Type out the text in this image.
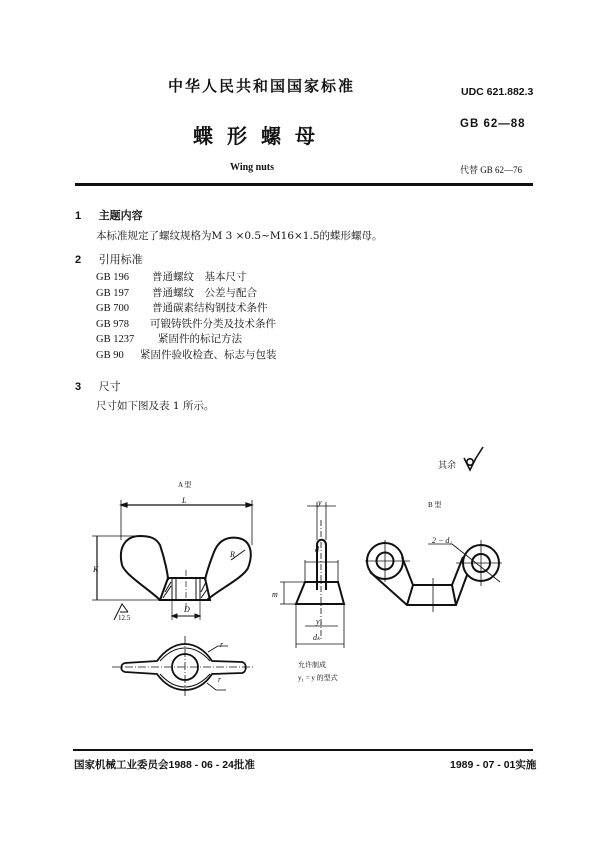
中华人民共和国国家标准
蝶形螺母
Wing nuts
UDC 621.882.3
GB 62—88
代替 GB 62—76
1 主题内容
本标准规定了螺纹规格为M 3 ×0.5~M16×1.5的蝶形螺母。
2 引用标准
GB 196 普通螺纹　基本尺寸
GB 197 普通螺纹　公差与配合
GB 700 普通碳素结构钢技术条件
GB 978 可锻铸铁件分类及技术条件
GB 1237 紧固件的标记方法
GB 90 紧固件验收检查、标志与包装
3 尺寸
尺寸如下图及表 1 所示。
其余
A 型
L
K
R
D
12.5
y
d
m
y₁
dₖ
允许制成
y₁ = y 的型式
B 型
2 − d₁
r
r
国家机械工业委员会1988 - 06 - 24批准	1989 - 07 - 01实施
